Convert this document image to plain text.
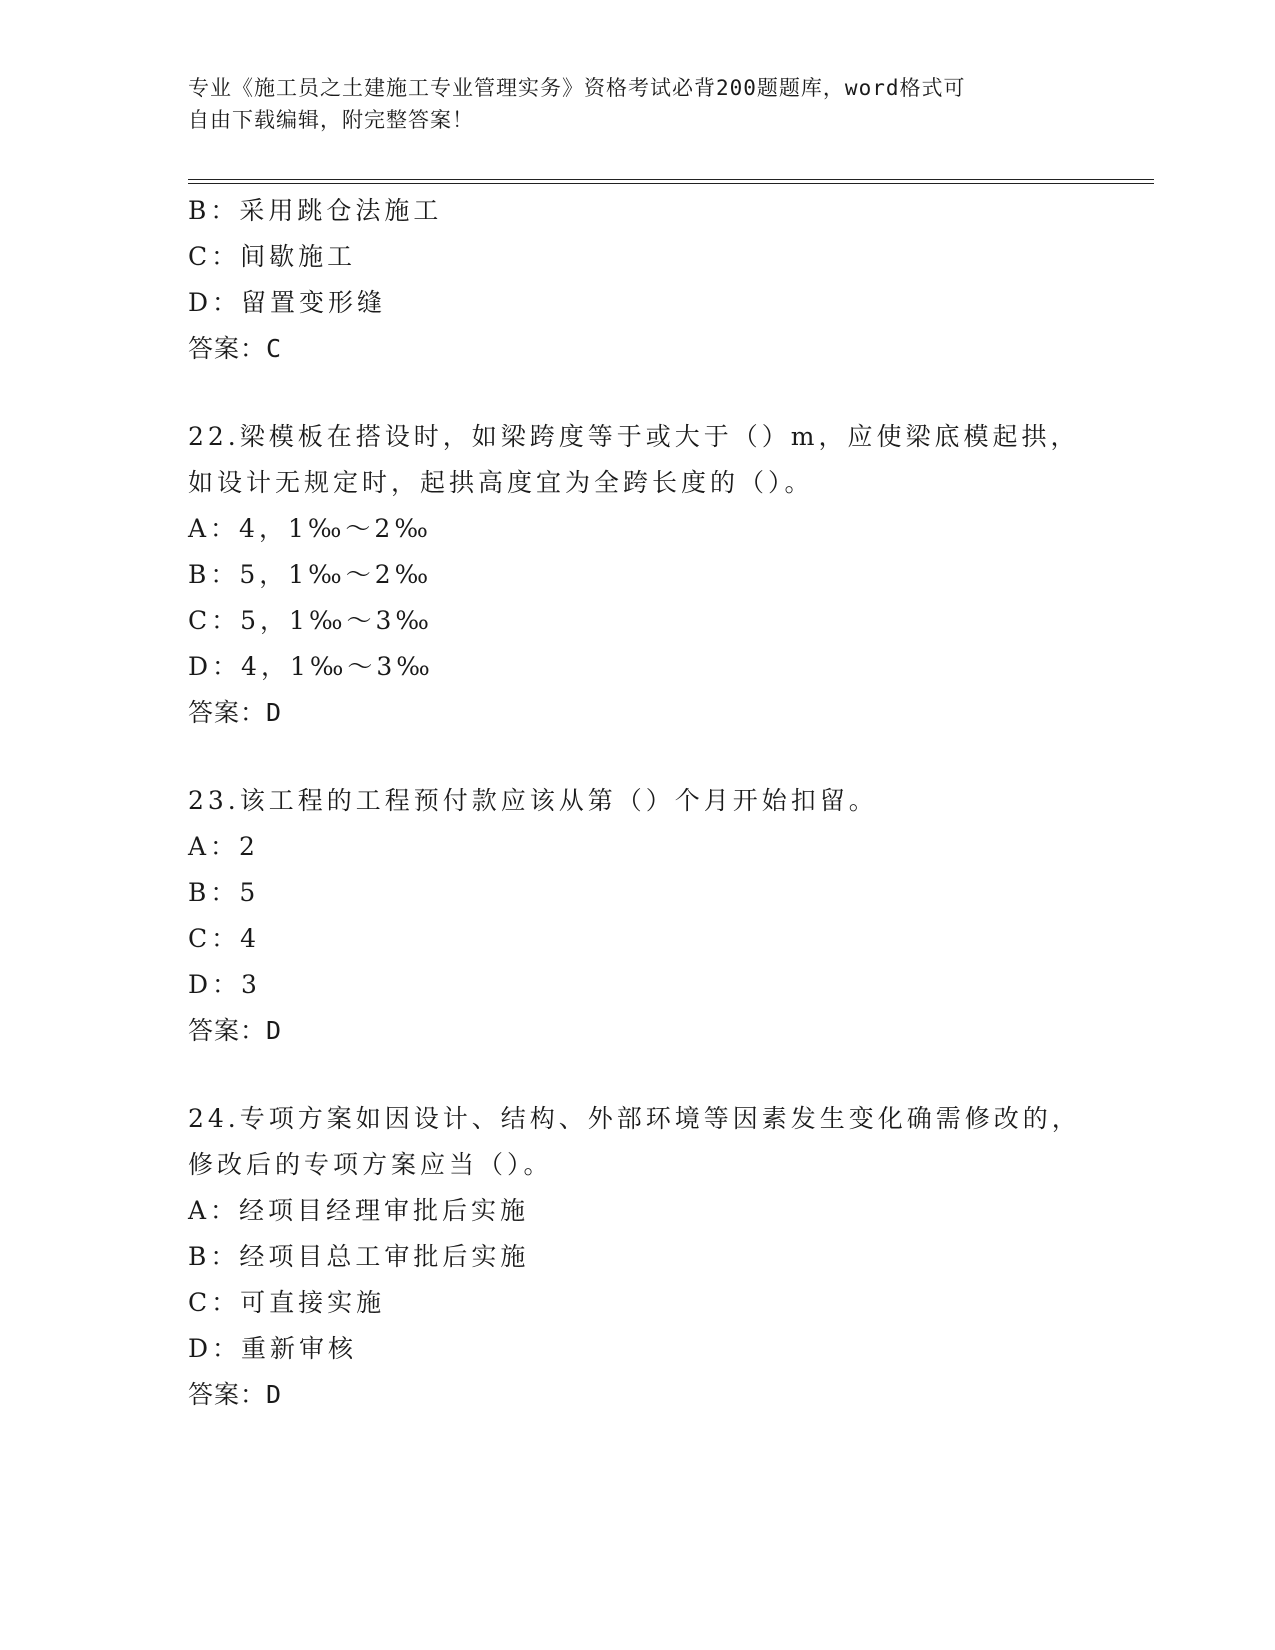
专业《施工员之土建施工专业管理实务》资格考试必背200题题库，word格式可
自由下载编辑，附完整答案！
B：采用跳仓法施工
C：间歇施工
D：留置变形缝
答案：C
22.梁模板在搭设时，如梁跨度等于或大于（）m，应使梁底模起拱，
如设计无规定时，起拱高度宜为全跨长度的（）。
A：4，1‰～2‰
B：5，1‰～2‰
C：5，1‰～3‰
D：4，1‰～3‰
答案：D
23.该工程的工程预付款应该从第（）个月开始扣留。
A：2
B：5
C：4
D：3
答案：D
24.专项方案如因设计、结构、外部环境等因素发生变化确需修改的，
修改后的专项方案应当（）。
A：经项目经理审批后实施
B：经项目总工审批后实施
C：可直接实施
D：重新审核
答案：D
